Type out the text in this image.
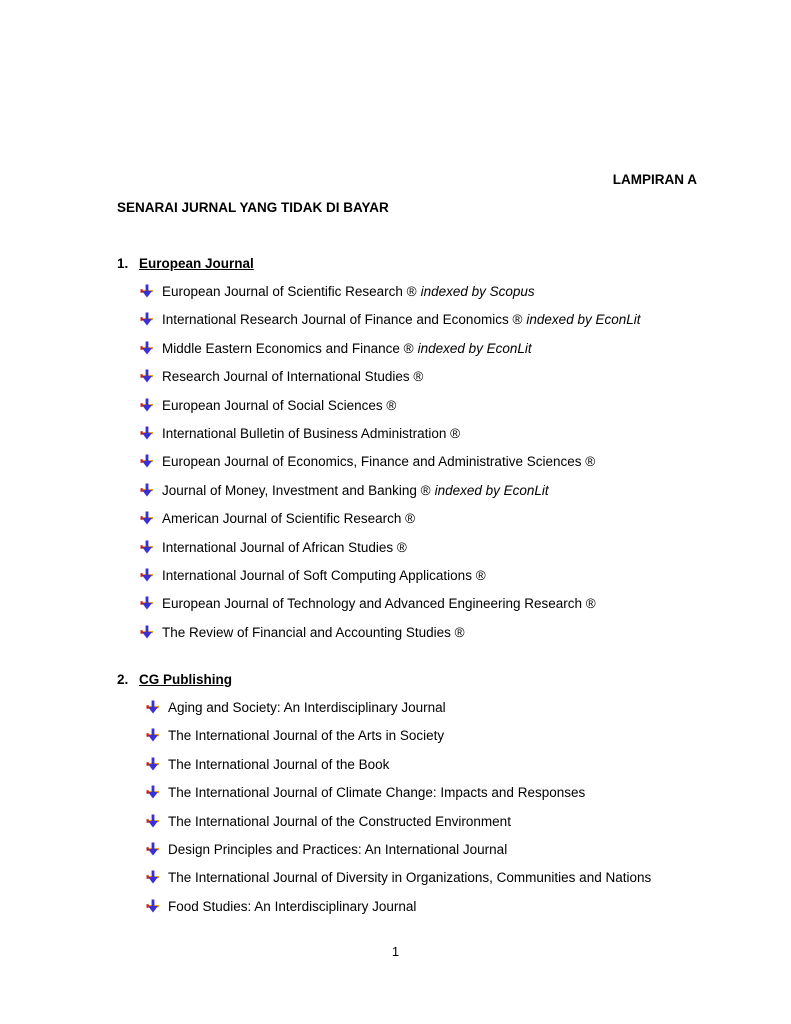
LAMPIRAN A
SENARAI JURNAL YANG TIDAK DI BAYAR
1. European Journal
European Journal of Scientific Research ® indexed by Scopus
International Research Journal of Finance and Economics ® indexed by EconLit
Middle Eastern Economics and Finance ® indexed by EconLit
Research Journal of International Studies ®
European Journal of Social Sciences ®
International Bulletin of Business Administration ®
European Journal of Economics, Finance and Administrative Sciences ®
Journal of Money, Investment and Banking ® indexed by EconLit
American Journal of Scientific Research ®
International Journal of African Studies ®
International Journal of Soft Computing Applications ®
European Journal of Technology and Advanced Engineering Research ®
The Review of Financial and Accounting Studies ®
2. CG Publishing
Aging and Society: An Interdisciplinary Journal
The International Journal of the Arts in Society
The International Journal of the Book
The International Journal of Climate Change: Impacts and Responses
The International Journal of the Constructed Environment
Design Principles and Practices: An International Journal
The International Journal of Diversity in Organizations, Communities and Nations
Food Studies: An Interdisciplinary Journal
1
